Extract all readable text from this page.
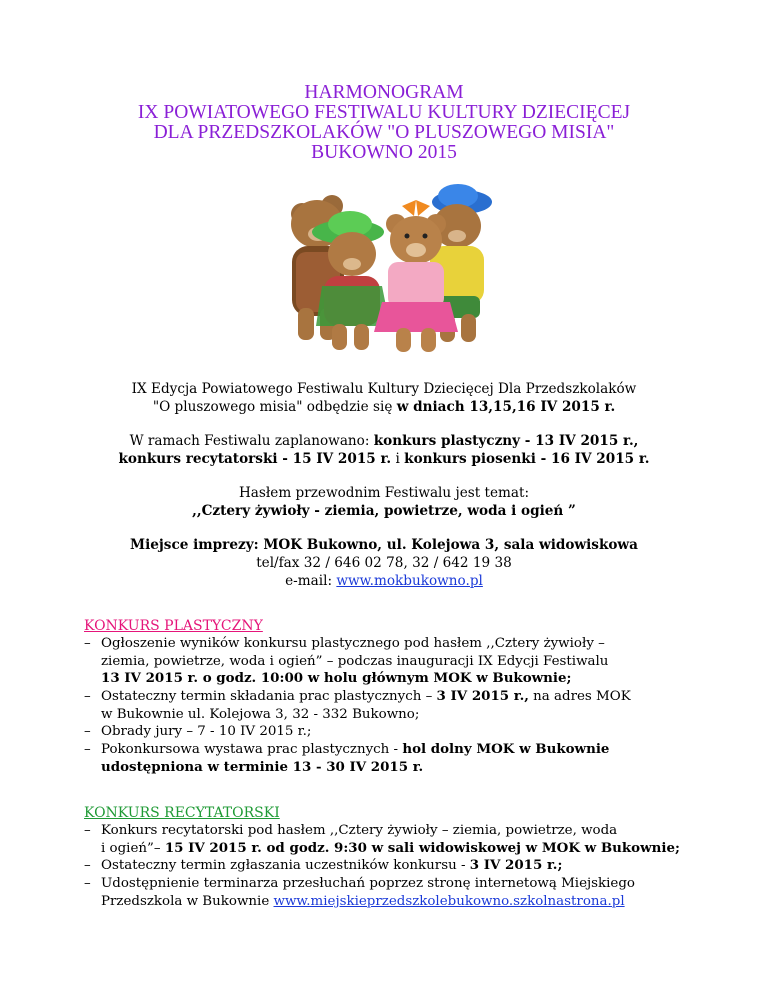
HARMONOGRAM
IX POWIATOWEGO FESTIWALU KULTURY DZIECIĘCEJ
DLA PRZEDSZKOLAKÓW "O PLUSZOWEGO MISIA"
BUKOWNO 2015
IX Edycja Powiatowego Festiwalu Kultury Dziecięcej Dla Przedszkolaków
"O pluszowego misia" odbędzie się w dniach 13,15,16 IV 2015 r.
W ramach Festiwalu zaplanowano: konkurs plastyczny - 13 IV 2015 r.,
konkurs recytatorski - 15 IV 2015 r. i konkurs piosenki - 16 IV 2015 r.
Hasłem przewodnim Festiwalu jest temat:
,,Cztery żywioły - ziemia, powietrze, woda i ogień ”
Miejsce imprezy: MOK Bukowno, ul. Kolejowa 3, sala widowiskowa
tel/fax 32 / 646 02 78, 32 / 642 19 38
e-mail: www.mokbukowno.pl
KONKURS PLASTYCZNY
– Ogłoszenie wyników konkursu plastycznego pod hasłem ,,Cztery żywioły –
ziemia, powietrze, woda i ogień” – podczas inauguracji IX Edycji Festiwalu
13 IV 2015 r. o godz. 10:00 w holu głównym MOK w Bukownie;
– Ostateczny termin składania prac plastycznych – 3 IV 2015 r., na adres MOK
w Bukownie ul. Kolejowa 3, 32 - 332 Bukowno;
– Obrady jury – 7 - 10 IV 2015 r.;
– Pokonkursowa wystawa prac plastycznych - hol dolny MOK w Bukownie
udostępniona w terminie 13 - 30 IV 2015 r.
KONKURS RECYTATORSKI
– Konkurs recytatorski pod hasłem ,,Cztery żywioły – ziemia, powietrze, woda
i ogień”– 15 IV 2015 r. od godz. 9:30 w sali widowiskowej w MOK w Bukownie;
– Ostateczny termin zgłaszania uczestników konkursu - 3 IV 2015 r.;
– Udostępnienie terminarza przesłuchań poprzez stronę internetową Miejskiego
Przedszkola w Bukownie www.miejskieprzedszkolebukowno.szkolnastrona.pl
